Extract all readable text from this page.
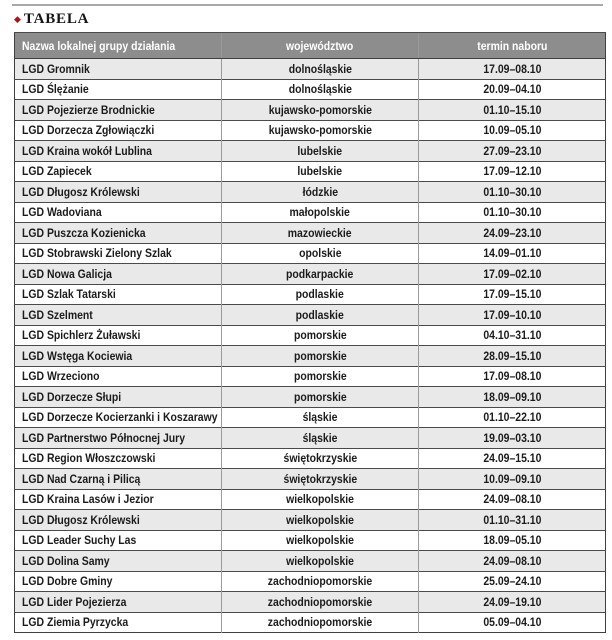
◆ TABELA
Nazwa lokalnej grupy działania	województwo	termin naboru
LGD Gromnik	dolnośląskie	17.09–08.10
LGD Ślężanie	dolnośląskie	20.09–04.10
LGD Pojezierze Brodnickie	kujawsko-pomorskie	01.10–15.10
LGD Dorzecza Zgłowiączki	kujawsko-pomorskie	10.09–05.10
LGD Kraina wokół Lublina	lubelskie	27.09–23.10
LGD Zapiecek	lubelskie	17.09–12.10
LGD Długosz Królewski	łódzkie	01.10–30.10
LGD Wadoviana	małopolskie	01.10–30.10
LGD Puszcza Kozienicka	mazowieckie	24.09–23.10
LGD Stobrawski Zielony Szlak	opolskie	14.09–01.10
LGD Nowa Galicja	podkarpackie	17.09–02.10
LGD Szlak Tatarski	podlaskie	17.09–15.10
LGD Szelment	podlaskie	17.09–10.10
LGD Spichlerz Żuławski	pomorskie	04.10–31.10
LGD Wstęga Kociewia	pomorskie	28.09–15.10
LGD Wrzeciono	pomorskie	17.09–08.10
LGD Dorzecze Słupi	pomorskie	18.09–09.10
LGD Dorzecze Kocierzanki i Koszarawy	śląskie	01.10–22.10
LGD Partnerstwo Północnej Jury	śląskie	19.09–03.10
LGD Region Włoszczowski	świętokrzyskie	24.09–15.10
LGD Nad Czarną i Pilicą	świętokrzyskie	10.09–09.10
LGD Kraina Lasów i Jezior	wielkopolskie	24.09–08.10
LGD Długosz Królewski	wielkopolskie	01.10–31.10
LGD Leader Suchy Las	wielkopolskie	18.09–05.10
LGD Dolina Samy	wielkopolskie	24.09–08.10
LGD Dobre Gminy	zachodniopomorskie	25.09–24.10
LGD Lider Pojezierza	zachodniopomorskie	24.09–19.10
LGD Ziemia Pyrzycka	zachodniopomorskie	05.09–04.10
